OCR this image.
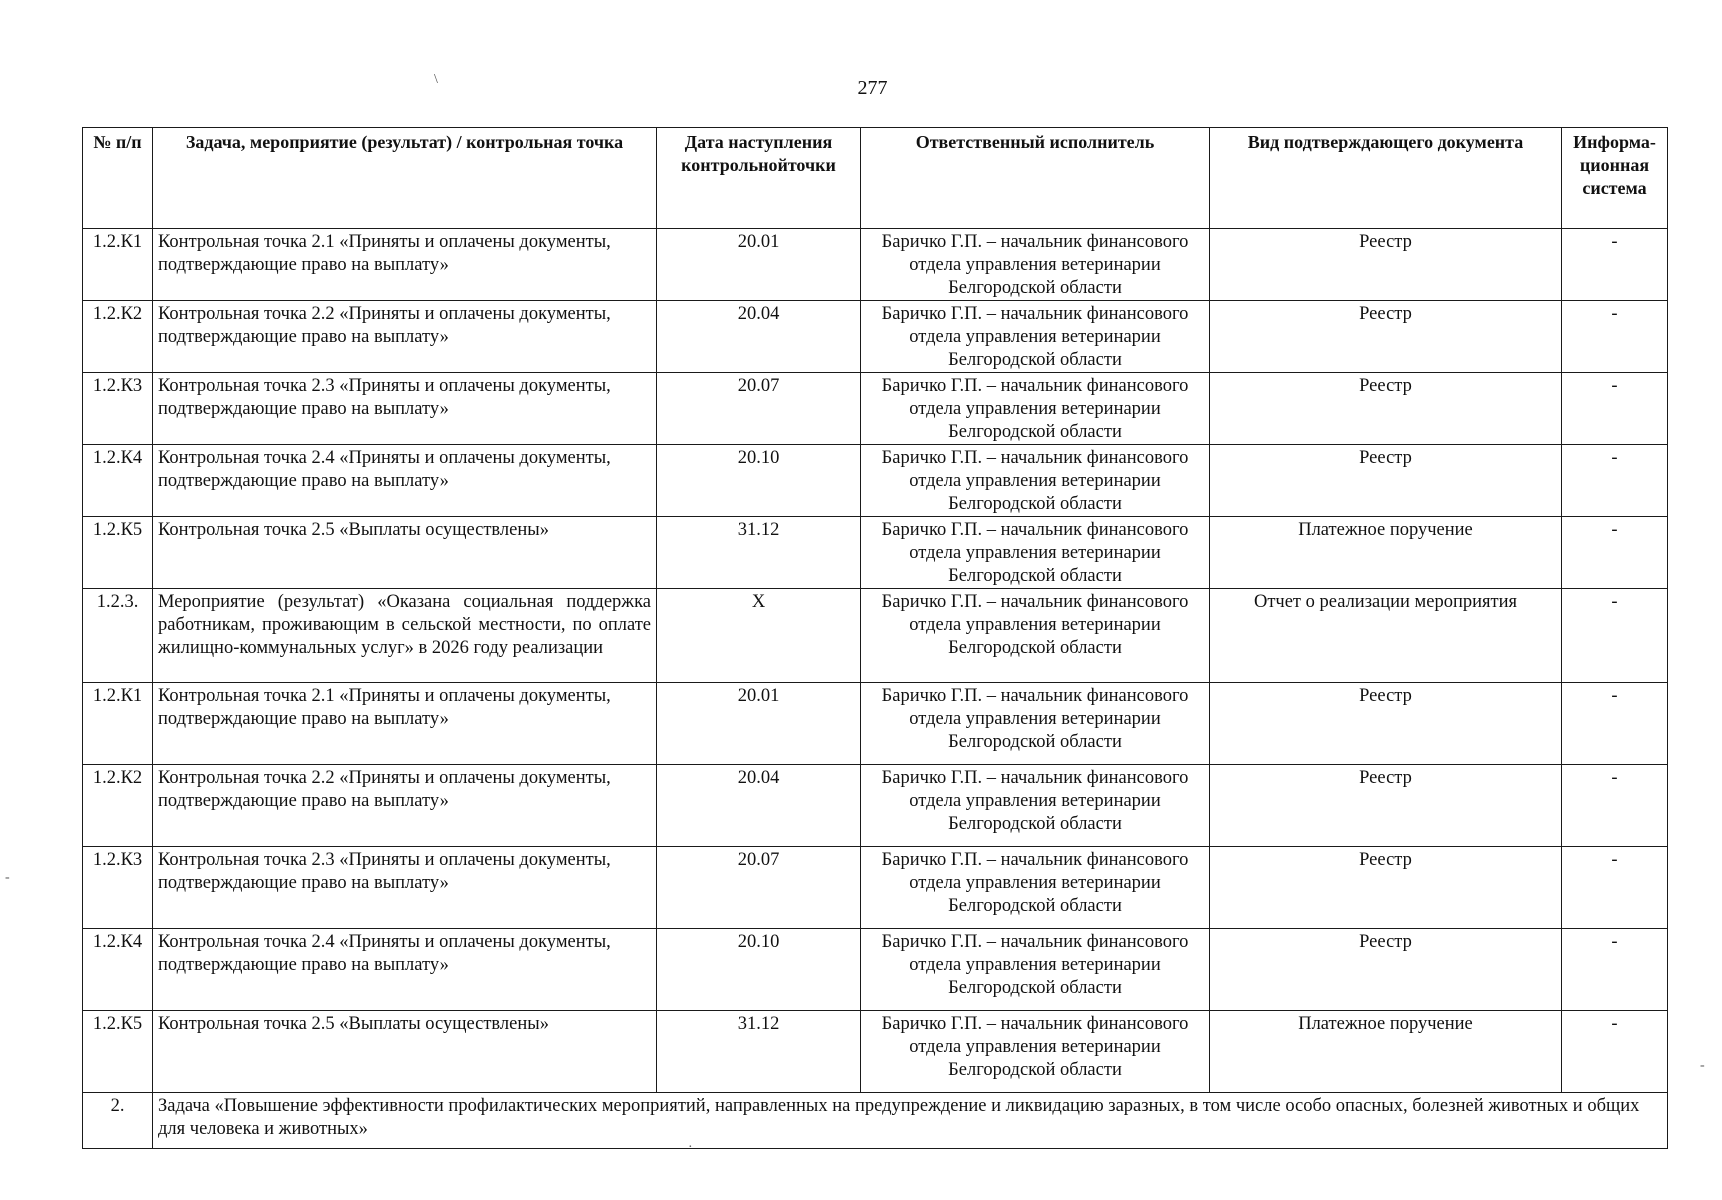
277
\
-
·
-
№ п/п	Задача, мероприятие (результат) / контрольная точка	Дата наступления контрольнойточки	Ответственный исполнитель	Вид подтверждающего документа	Информа-ционная система
1.2.К1	Контрольная точка 2.1 «Приняты и оплачены документы, подтверждающие право на выплату»	20.01	Баричко Г.П. – начальник финансового отдела управления ветеринарии Белгородской области	Реестр	-
1.2.К2	Контрольная точка 2.2 «Приняты и оплачены документы, подтверждающие право на выплату»	20.04	Баричко Г.П. – начальник финансового отдела управления ветеринарии Белгородской области	Реестр	-
1.2.К3	Контрольная точка 2.3 «Приняты и оплачены документы, подтверждающие право на выплату»	20.07	Баричко Г.П. – начальник финансового отдела управления ветеринарии Белгородской области	Реестр	-
1.2.К4	Контрольная точка 2.4 «Приняты и оплачены документы, подтверждающие право на выплату»	20.10	Баричко Г.П. – начальник финансового отдела управления ветеринарии Белгородской области	Реестр	-
1.2.К5	Контрольная точка 2.5 «Выплаты осуществлены»	31.12	Баричко Г.П. – начальник финансового отдела управления ветеринарии Белгородской области	Платежное поручение	-
1.2.3.	Мероприятие (результат) «Оказана социальная поддержка работникам, проживающим в сельской местности, по оплате жилищно-коммунальных услуг» в 2026 году реализации	Х	Баричко Г.П. – начальник финансового отдела управления ветеринарии Белгородской области	Отчет о реализации мероприятия	-
1.2.К1	Контрольная точка 2.1 «Приняты и оплачены документы, подтверждающие право на выплату»	20.01	Баричко Г.П. – начальник финансового отдела управления ветеринарии Белгородской области	Реестр	-
1.2.К2	Контрольная точка 2.2 «Приняты и оплачены документы, подтверждающие право на выплату»	20.04	Баричко Г.П. – начальник финансового отдела управления ветеринарии Белгородской области	Реестр	-
1.2.К3	Контрольная точка 2.3 «Приняты и оплачены документы, подтверждающие право на выплату»	20.07	Баричко Г.П. – начальник финансового отдела управления ветеринарии Белгородской области	Реестр	-
1.2.К4	Контрольная точка 2.4 «Приняты и оплачены документы, подтверждающие право на выплату»	20.10	Баричко Г.П. – начальник финансового отдела управления ветеринарии Белгородской области	Реестр	-
1.2.К5	Контрольная точка 2.5 «Выплаты осуществлены»	31.12	Баричко Г.П. – начальник финансового отдела управления ветеринарии Белгородской области	Платежное поручение	-
2.	Задача «Повышение эффективности профилактических мероприятий, направленных на предупреждение и ликвидацию заразных, в том числе особо опасных, болезней животных и общих для человека и животных»				
